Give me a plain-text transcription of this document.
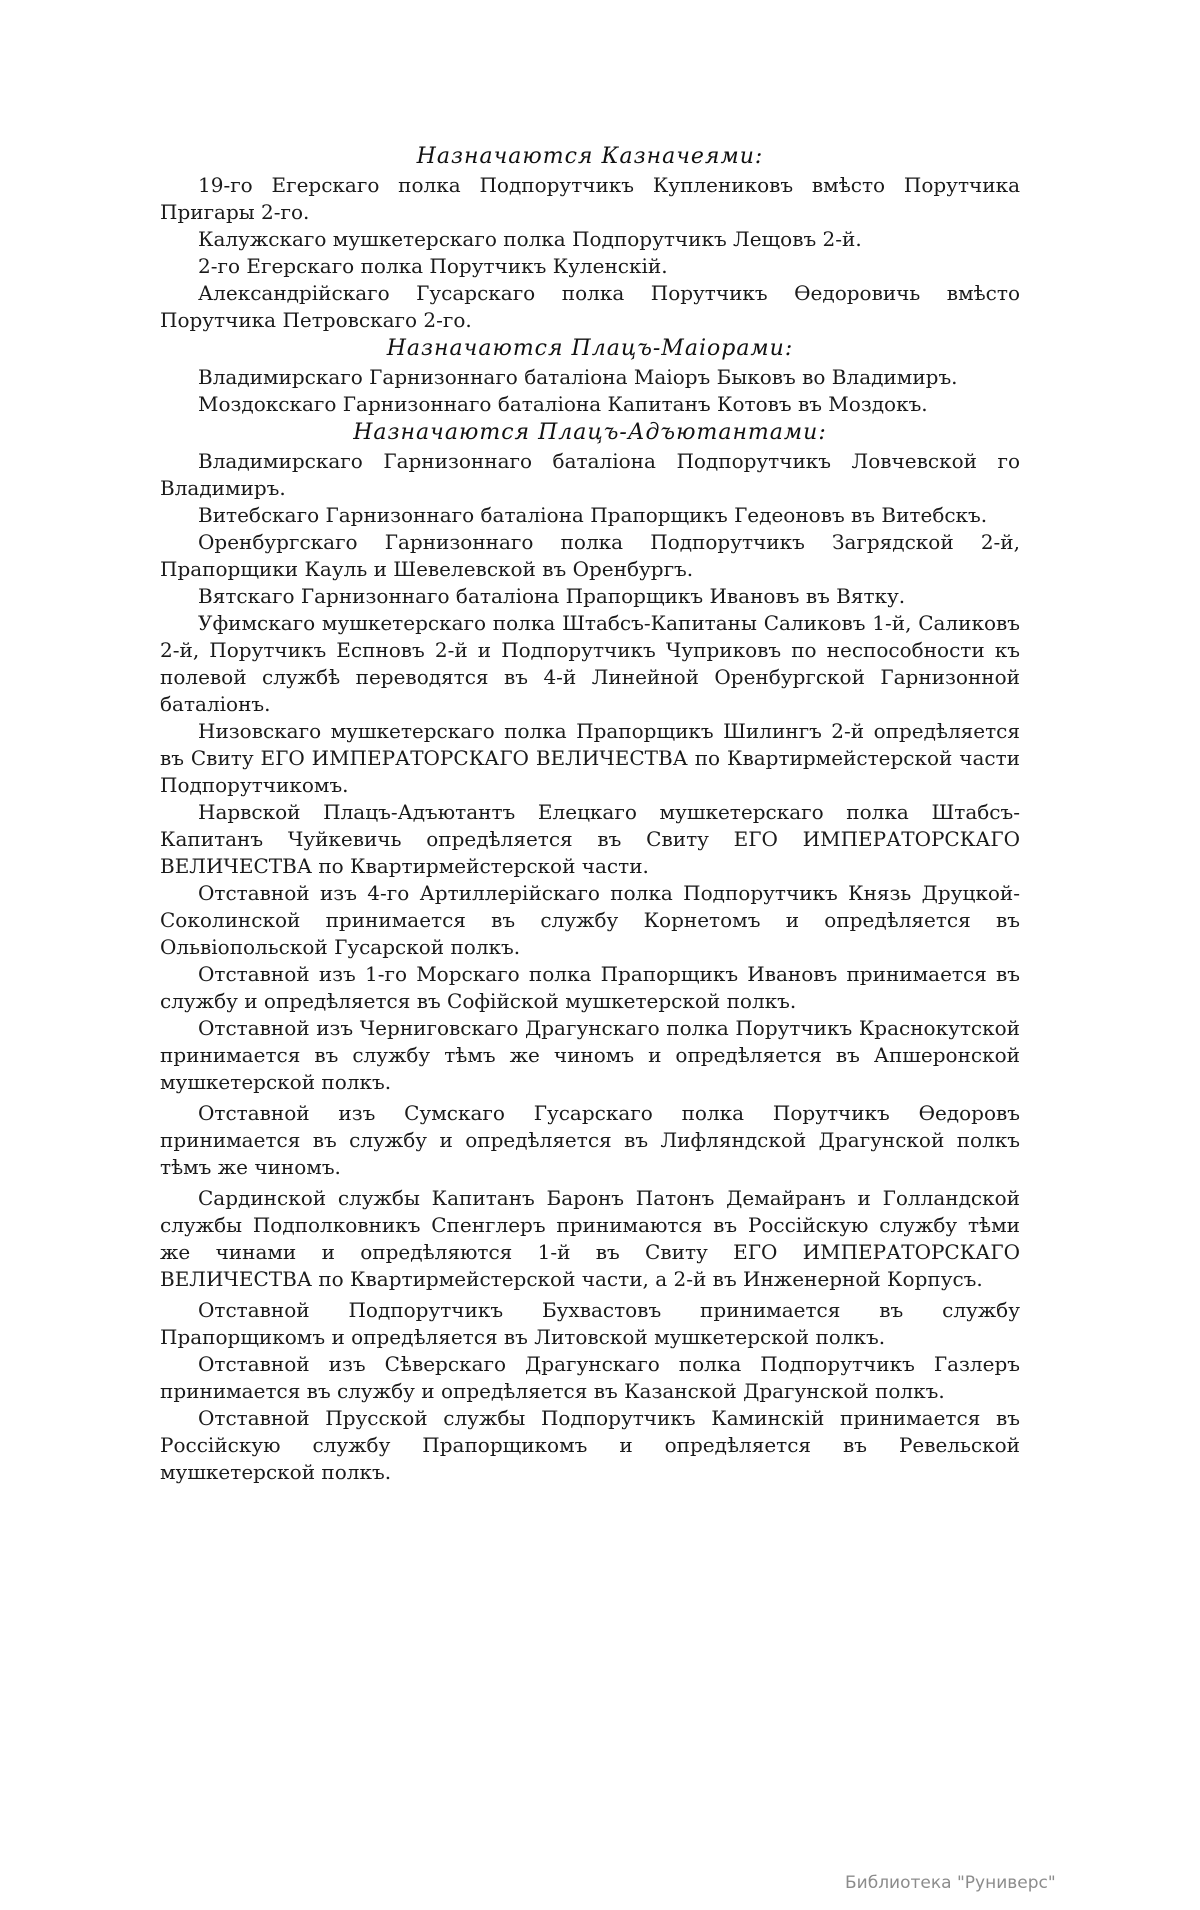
Назначаются Казначеями:

19-го Егерскаго полка Подпорутчикъ Куплениковъ вмѣсто Порутчика Пригары 2-го.

Калужскаго мушкетерскаго полка Подпорутчикъ Лещовъ 2-й.

2-го Егерскаго полка Порутчикъ Куленскій.

Александрійскаго Гусарскаго полка Порутчикъ Ѳедоровичь вмѣсто Порутчика Петровскаго 2-го.

Назначаются Плацъ-Маіорами:

Владимирскаго Гарнизоннаго баталіона Маіоръ Быковъ во Владимиръ.

Моздокскаго Гарнизоннаго баталіона Капитанъ Котовъ въ Моздокъ.

Назначаются Плацъ-Адъютантами:

Владимирскаго Гарнизоннаго баталіона Подпорутчикъ Ловчевской го Владимиръ.

Витебскаго Гарнизоннаго баталіона Прапорщикъ Гедеоновъ въ Витебскъ.

Оренбургскаго Гарнизоннаго полка Подпорутчикъ Загрядской 2-й, Прапорщики Кауль и Шевелевской въ Оренбургъ.

Вятскаго Гарнизоннаго баталіона Прапорщикъ Ивановъ въ Вятку.

Уфимскаго мушкетерскаго полка Штабсъ-Капитаны Саликовъ 1-й, Саликовъ 2-й, Порутчикъ Еспновъ 2-й и Подпорутчикъ Чуприковъ по неспособности къ полевой службѣ переводятся въ 4-й Линейной Оренбургской Гарнизонной баталіонъ.

Низовскаго мушкетерскаго полка Прапорщикъ Шилингъ 2-й опредѣляется въ Свиту ЕГО ИМПЕРАТОРСКАГО ВЕЛИЧЕСТВА по Квартирмейстерской части Подпорутчикомъ.

Нарвской Плацъ-Адъютантъ Елецкаго мушкетерскаго полка Штабсъ-Капитанъ Чуйкевичь опредѣляется въ Свиту ЕГО ИМПЕРАТОРСКАГО ВЕЛИЧЕСТВА по Квартирмейстерской части.

Отставной изъ 4-го Артиллерійскаго полка Подпорутчикъ Князь Друцкой-Соколинской принимается въ службу Корнетомъ и опредѣляется въ Ольвіопольской Гусарской полкъ.

Отставной изъ 1-го Морскаго полка Прапорщикъ Ивановъ принимается въ службу и опредѣляется въ Софійской мушкетерской полкъ.

Отставной изъ Черниговскаго Драгунскаго полка Порутчикъ Краснокутской принимается въ службу тѣмъ же чиномъ и опредѣляется въ Апшеронской мушкетерской полкъ.

Отставной изъ Сумскаго Гусарскаго полка Порутчикъ Ѳедоровъ принимается въ службу и опредѣляется въ Лифляндской Драгунской полкъ тѣмъ же чиномъ.

Сардинской службы Капитанъ Баронъ Патонъ Демайранъ и Голландской службы Подполковникъ Спенглеръ принимаются въ Россійскую службу тѣми же чинами и опредѣляются 1-й въ Свиту ЕГО ИМПЕРАТОРСКАГО ВЕЛИЧЕСТВА по Квартирмейстерской части, а 2-й въ Инженерной Корпусъ.

Отставной Подпорутчикъ Бухвастовъ принимается въ службу Прапорщикомъ и опредѣляется въ Литовской мушкетерской полкъ.

Отставной изъ Сѣверскаго Драгунскаго полка Подпорутчикъ Газлеръ принимается въ службу и опредѣляется въ Казанской Драгунской полкъ.

Отставной Прусской службы Подпорутчикъ Каминскій принимается въ Россійскую службу Прапорщикомъ и опредѣляется въ Ревельской мушкетерской полкъ.

Библиотека "Руниверс"
